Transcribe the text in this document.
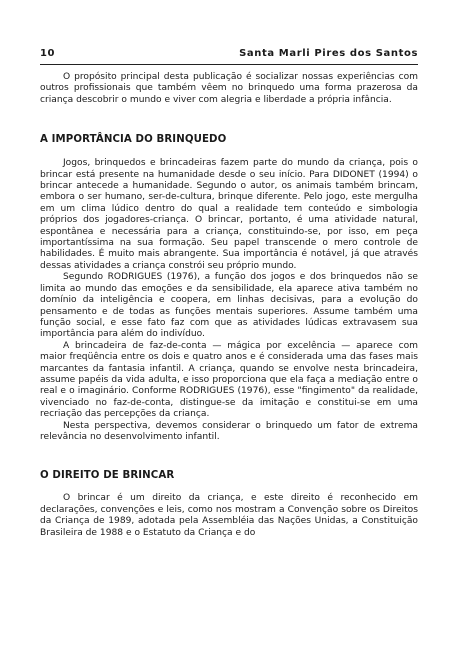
10	Santa Marli Pires dos Santos

O propósito principal desta publicação é socializar nossas experiências com outros profissionais que também vêem no brinquedo uma forma prazerosa da criança descobrir o mundo e viver com alegria e liberdade a própria infância.

A IMPORTÂNCIA DO BRINQUEDO

Jogos, brinquedos e brincadeiras fazem parte do mundo da criança, pois o brincar está presente na humanidade desde o seu início. Para DIDONET (1994) o brincar antecede a humanidade. Segundo o autor, os animais também brincam, embora o ser humano, ser-de-cultura, brinque diferente. Pelo jogo, este mergulha em um clima lúdico dentro do qual a realidade tem conteúdo e simbologia próprios dos jogadores-criança. O brincar, portanto, é uma atividade natural, espontânea e necessária para a criança, constituindo-se, por isso, em peça importantíssima na sua formação. Seu papel transcende o mero controle de habilidades. É muito mais abrangente. Sua importância é notável, já que através dessas atividades a criança constrói seu próprio mundo.

Segundo RODRIGUES (1976), a função dos jogos e dos brinquedos não se limita ao mundo das emoções e da sensibilidade, ela aparece ativa também no domínio da inteligência e coopera, em linhas decisivas, para a evolução do pensamento e de todas as funções mentais superiores. Assume também uma função social, e esse fato faz com que as atividades lúdicas extravasem sua importância para além do indivíduo.

A brincadeira de faz-de-conta — mágica por excelência — aparece com maior freqüência entre os dois e quatro anos e é considerada uma das fases mais marcantes da fantasia infantil. A criança, quando se envolve nesta brincadeira, assume papéis da vida adulta, e isso proporciona que ela faça a mediação entre o real e o imaginário. Conforme RODRIGUES (1976), esse "fingimento" da realidade, vivenciado no faz-de-conta, distingue-se da imitação e constitui-se em uma recriação das percepções da criança.

Nesta perspectiva, devemos considerar o brinquedo um fator de extrema relevância no desenvolvimento infantil.

O DIREITO DE BRINCAR

O brincar é um direito da criança, e este direito é reconhecido em declarações, convenções e leis, como nos mostram a Convenção sobre os Direitos da Criança de 1989, adotada pela Assembléia das Nações Unidas, a Constituição Brasileira de 1988 e o Estatuto da Criança e do
